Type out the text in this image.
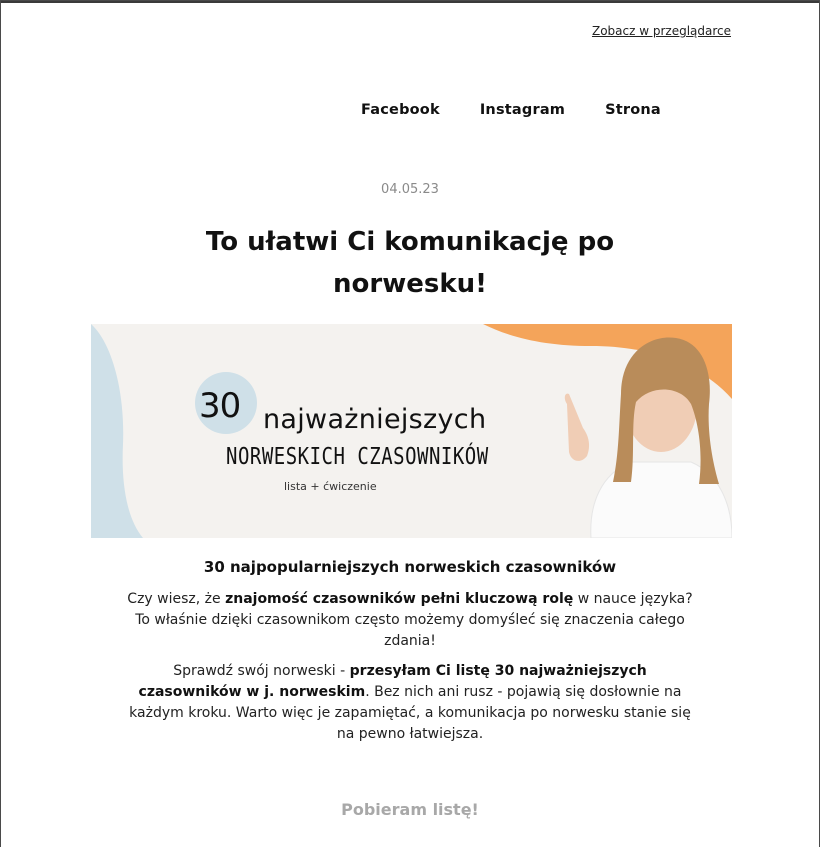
Zobacz w przeglądarce
Facebook	Instagram	Strona
04.05.23
To ułatwi Ci komunikację po norwesku!
30 najważniejszych
NORWESKICH CZASOWNIKÓW
lista + ćwiczenie
30 najpopularniejszych norweskich czasowników

Czy wiesz, że znajomość czasowników pełni kluczową rolę w nauce języka? To właśnie dzięki czasownikom często możemy domyśleć się znaczenia całego zdania!

Sprawdź swój norweski - przesyłam Ci listę 30 najważniejszych czasowników w j. norweskim. Bez nich ani rusz - pojawią się dosłownie na każdym kroku. Warto więc je zapamiętać, a komunikacja po norwesku stanie się na pewno łatwiejsza.

Pobieram listę!
